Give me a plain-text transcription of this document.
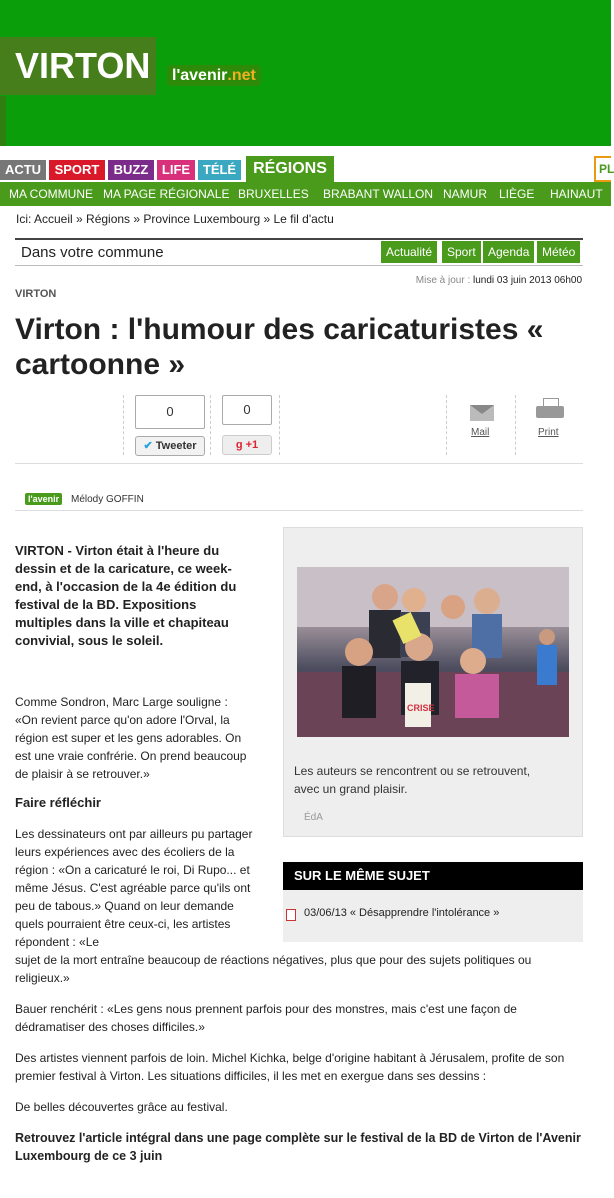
VIRTON	l'avenir.net
ACTU	SPORT	BUZZ	LIFE TÉLÉ	RÉGIONS	PL
MA COMMUNE MA PAGE RÉGIONALE BRUXELLES BRABANT WALLON NAMUR LIÈGE HAINAUT
Ici: Accueil » Régions » Province Luxembourg » Le fil d'actu
Dans votre commune	Actualité	Sport	Agenda	Météo
Mise à jour : lundi 03 juin 2013 06h00
VIRTON
Virton : l'humour des caricaturistes « cartoonne »
0
✔ Tweeter
0
g +1
Mail	Print
l'avenir	Mélody GOFFIN
VIRTON - Virton était à l'heure du dessin et de la caricature, ce week-end, à l'occasion de la 4e édition du festival de la BD. Expositions multiples dans la ville et chapiteau convivial, sous le soleil.
Comme Sondron, Marc Large souligne : «On revient parce qu'on adore l'Orval, la région est super et les gens adorables. On est une vraie confrérie. On prend beaucoup de plaisir à se retrouver.»
Faire réfléchir
Les dessinateurs ont par ailleurs pu partager leurs expériences avec des écoliers de la région : «On a caricaturé le roi, Di Rupo... et même Jésus. C'est agréable parce qu'ils ont peu de tabous.» Quand on leur demande quels pourraient être ceux-ci, les artistes répondent : «Le
sujet de la mort entraîne beaucoup de réactions négatives, plus que pour des sujets politiques ou religieux.»
Bauer renchérit : «Les gens nous prennent parfois pour des monstres, mais c'est une façon de dédramatiser des choses difficiles.»
Des artistes viennent parfois de loin. Michel Kichka, belge d'origine habitant à Jérusalem, profite de son premier festival à Virton. Les situations difficiles, il les met en exergue dans ses dessins :
De belles découvertes grâce au festival.
Retrouvez l'article intégral dans une page complète sur le festival de la BD de Virton de l'Avenir Luxembourg de ce 3 juin
CRISE
Les auteurs se rencontrent ou se retrouvent, avec un grand plaisir.
ÉdA
SUR LE MÊME SUJET
03/06/13 « Désapprendre l'intolérance »
